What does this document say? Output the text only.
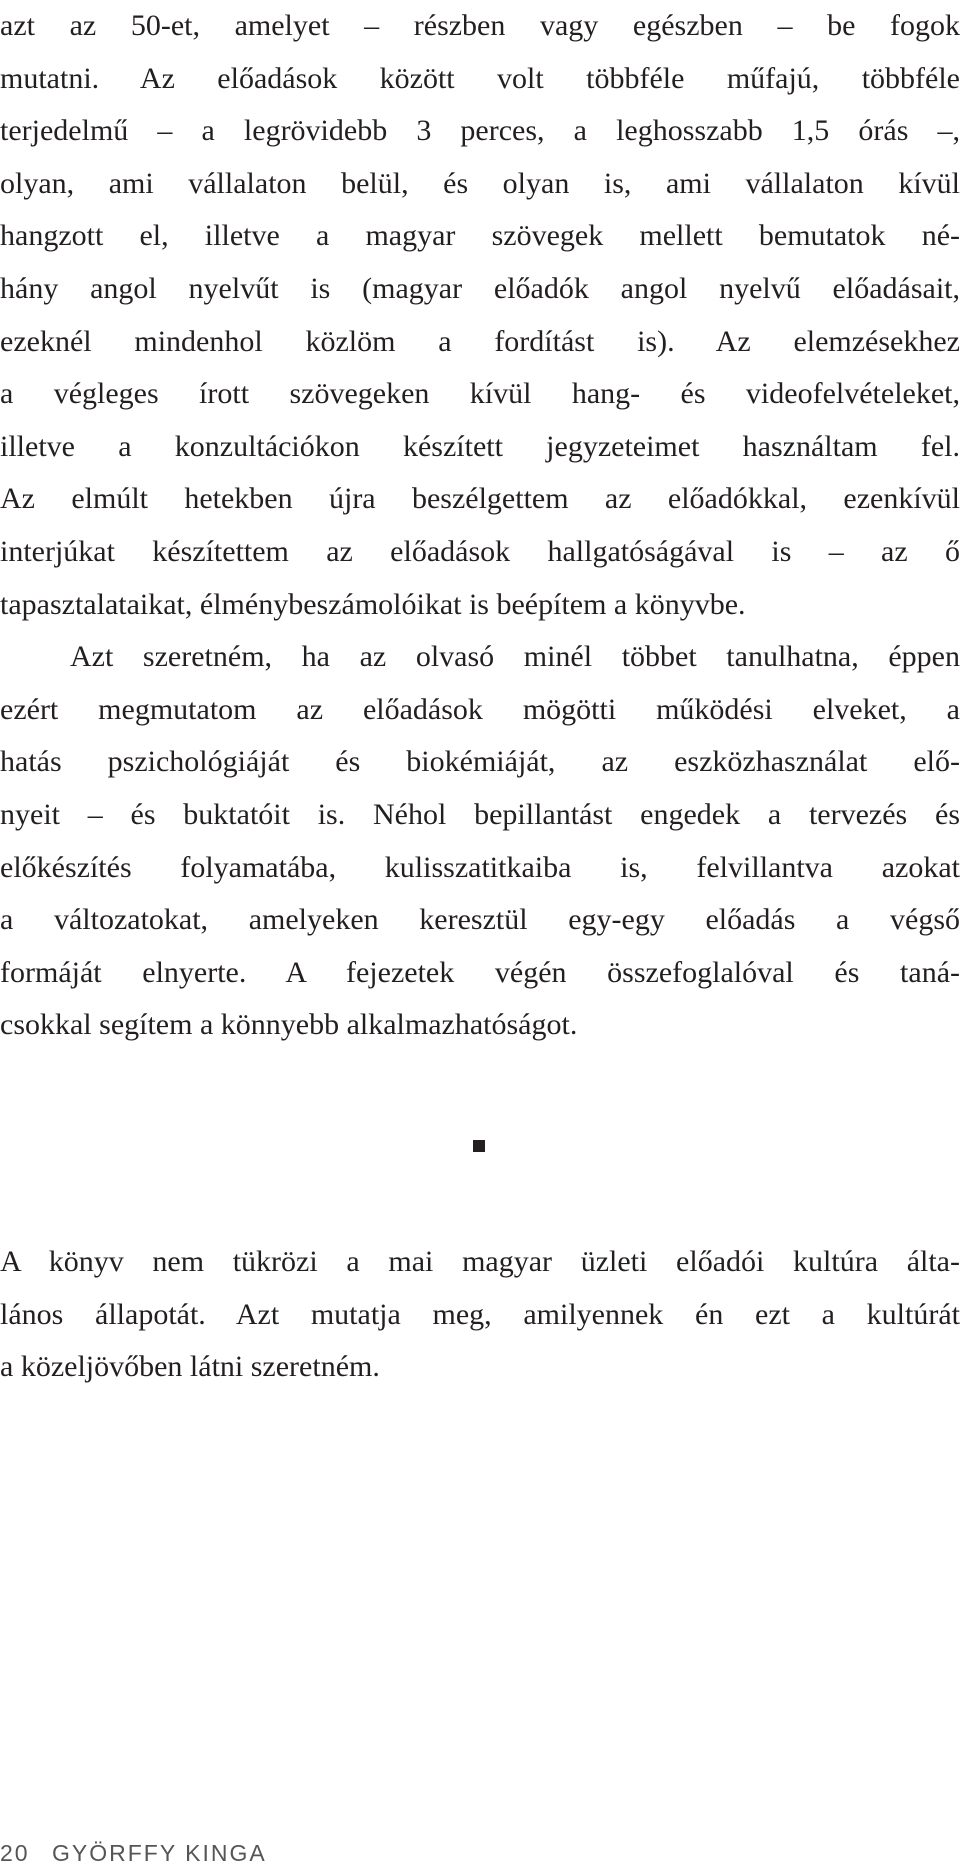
azt az 50-et, amelyet – részben vagy egészben – be fogok
mutatni. Az előadások között volt többféle műfajú, többféle
terjedelmű – a legrövidebb 3 perces, a leghosszabb 1,5 órás –,
olyan, ami vállalaton belül, és olyan is, ami vállalaton kívül
hangzott el, illetve a magyar szövegek mellett bemutatok né-
hány angol nyelvűt is (magyar előadók angol nyelvű előadásait,
ezeknél mindenhol közlöm a fordítást is). Az elemzésekhez
a végleges írott szövegeken kívül hang- és videofelvételeket,
illetve a konzultációkon készített jegyzeteimet használtam fel.
Az elmúlt hetekben újra beszélgettem az előadókkal, ezenkívül
interjúkat készítettem az előadások hallgatóságával is – az ő
tapasztalataikat, élménybeszámolóikat is beépítem a könyvbe.
Azt szeretném, ha az olvasó minél többet tanulhatna, éppen
ezért megmutatom az előadások mögötti működési elveket, a
hatás pszichológiáját és biokémiáját, az eszközhasználat elő-
nyeit – és buktatóit is. Néhol bepillantást engedek a tervezés és
előkészítés folyamatába, kulisszatitkaiba is, felvillantva azokat
a változatokat, amelyeken keresztül egy-egy előadás a végső
formáját elnyerte. A fejezetek végén összefoglalóval és taná-
csokkal segítem a könnyebb alkalmazhatóságot.
A könyv nem tükrözi a mai magyar üzleti előadói kultúra álta-
lános állapotát. Azt mutatja meg, amilyennek én ezt a kultúrát
a közeljövőben látni szeretném.
20 GYÖRFFY KINGA
